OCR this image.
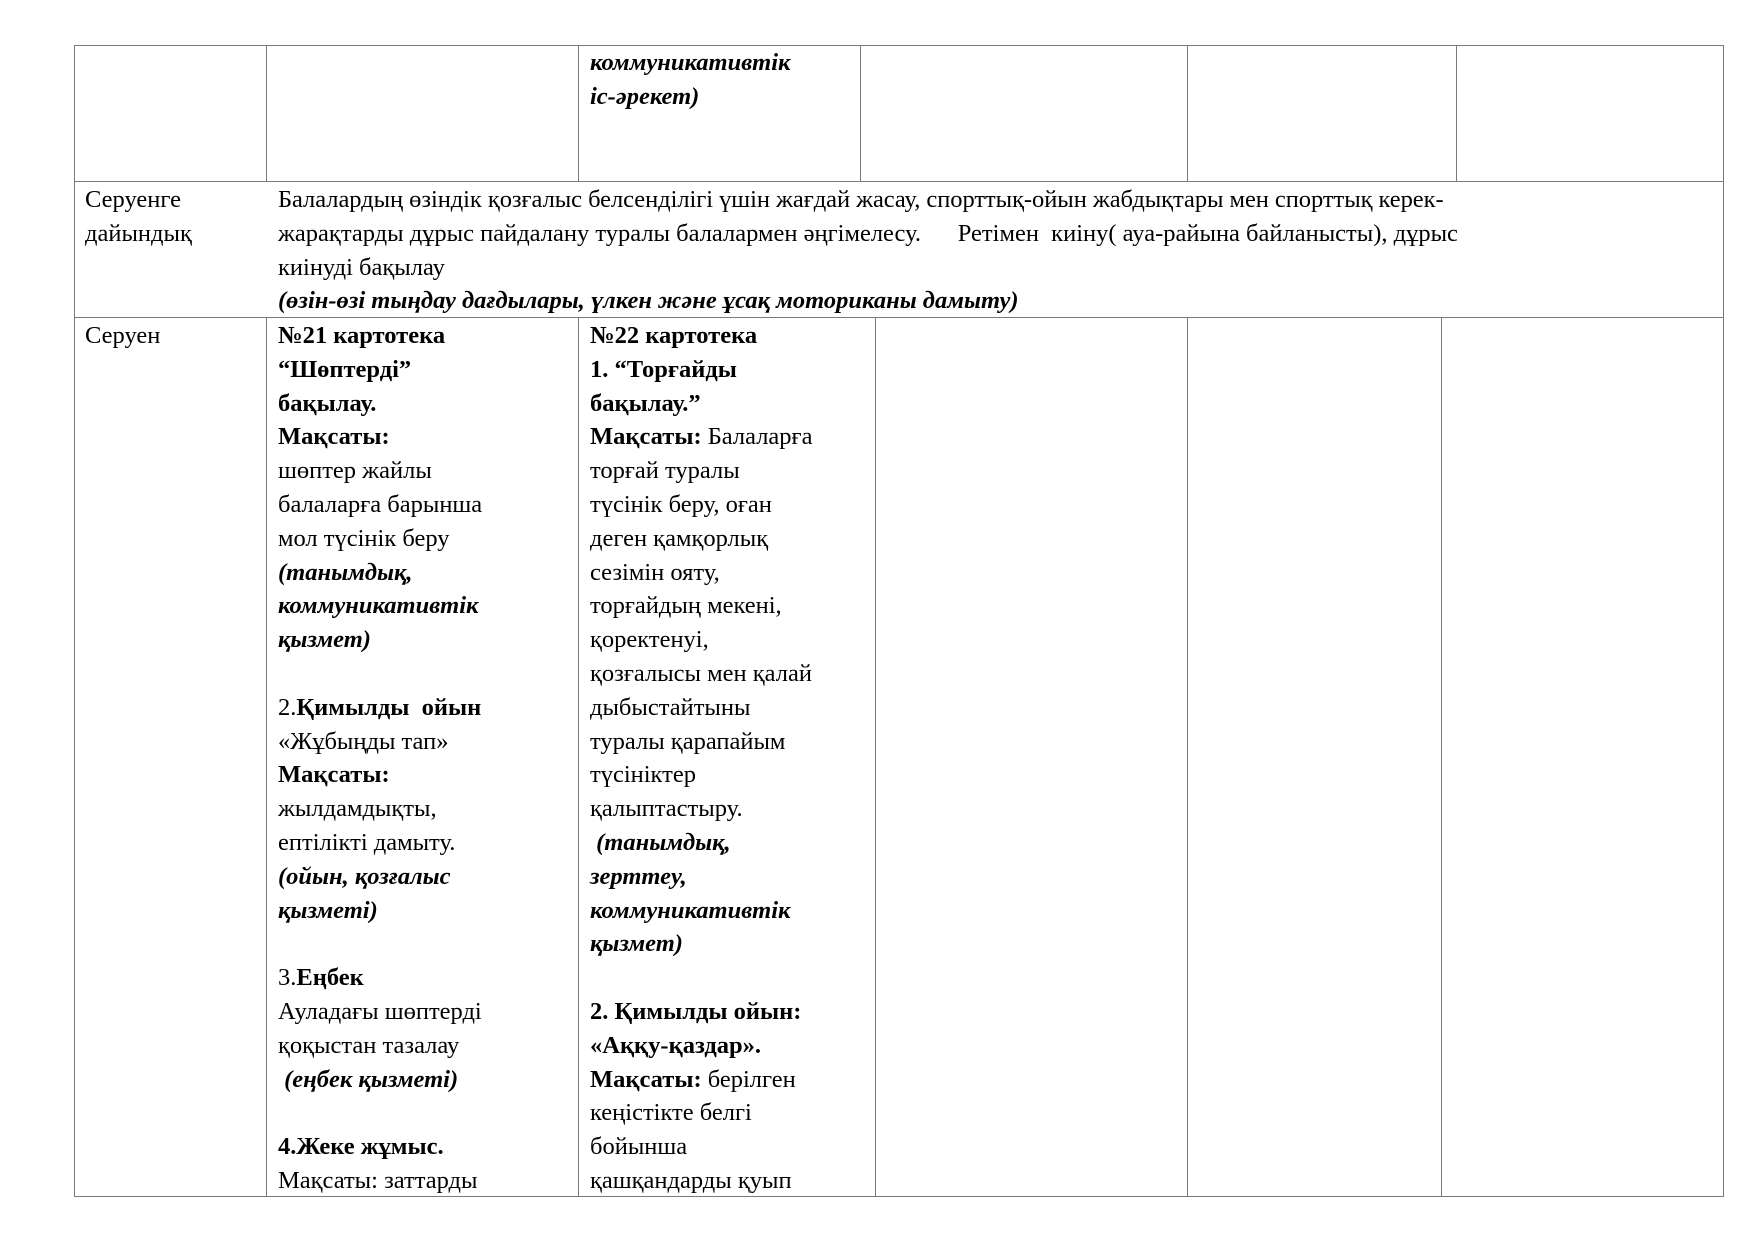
коммуникативтік

іс-әрекет)

Серуенге

дайындық

Балалардың өзіндік қозғалыс белсенділігі үшін жағдай жасау, спорттық-ойын жабдықтары мен спорттық керек-

жарақтарды дұрыс пайдалану туралы балалармен әңгімелесу.      Ретімен  киіну( ауа-райына байланысты), дұрыс

киінуді бақылау

(өзін-өзі тыңдау дағдылары, үлкен және ұсақ моториканы дамыту)

Серуен	№21 картотека

“Шөптерді”

бақылау.

Мақсаты:

шөптер жайлы

балаларға барынша

мол түсінік беру

(танымдық,

коммуникативтік

қызмет)

2.Қимылды  ойын

«Жұбыңды тап»

Мақсаты:

жылдамдықты,

ептілікті дамыту.

(ойын, қозғалыс

қызметі)

3.Еңбек

Ауладағы шөптерді

қоқыстан тазалау

(еңбек қызметі)

4.Жеке жұмыс.

Мақсаты: заттарды

№22 картотека

1. “Торғайды

бақылау.”

Мақсаты: Балаларға

торғай туралы

түсінік беру, оған

деген қамқорлық

сезімін ояту,

торғайдың мекені,

қоректенуі,

қозғалысы мен қалай

дыбыстайтыны

туралы қарапайым

түсініктер

қалыптастыру.

(танымдық,

зерттеу,

коммуникативтік

қызмет)

2. Қимылды ойын:

«Аққу-қаздар».

Мақсаты: берілген

кеңістікте белгі

бойынша

қашқандарды қуып
